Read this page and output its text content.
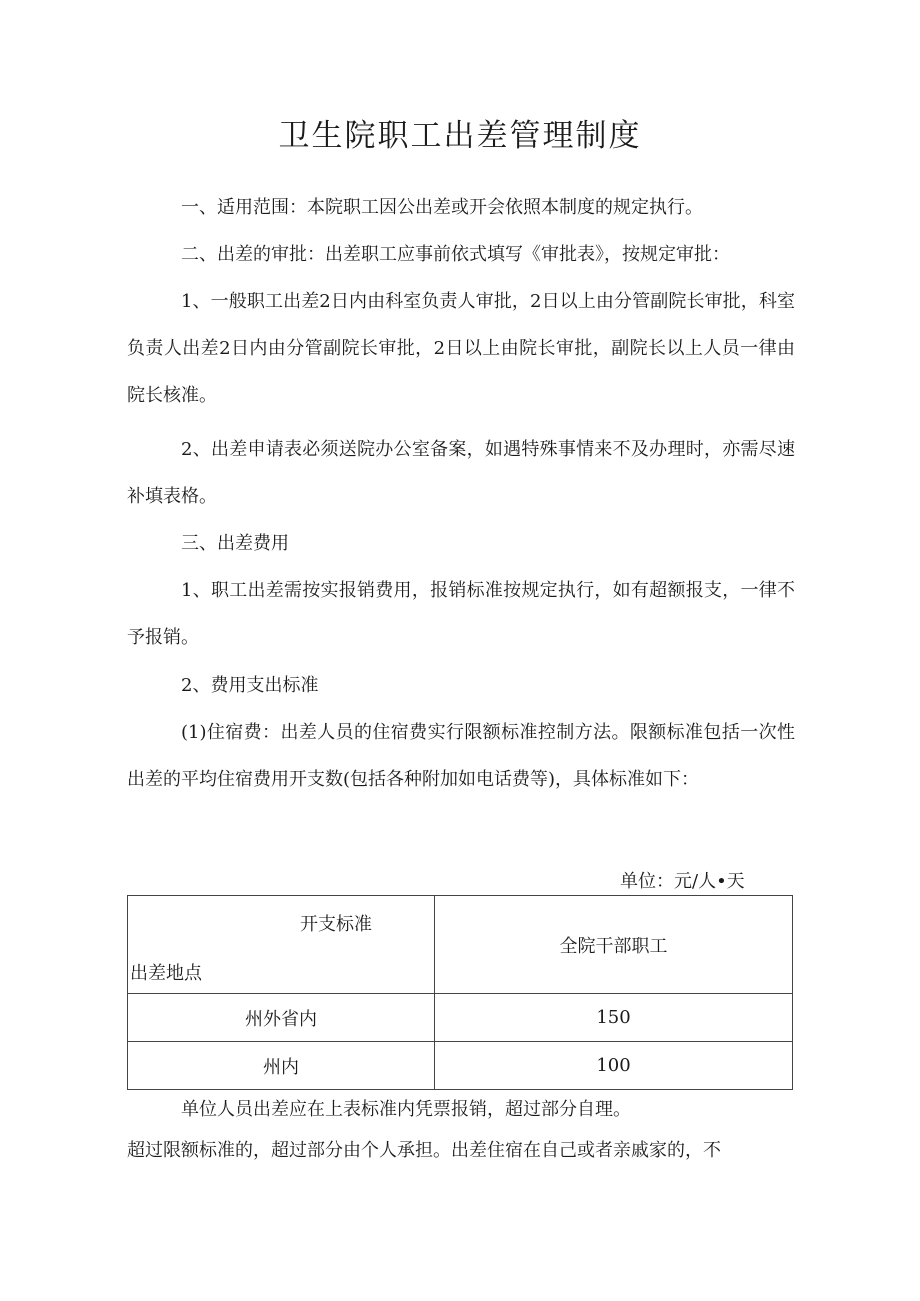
卫生院职工出差管理制度

一、适用范围：本院职工因公出差或开会依照本制度的规定执行。

二、出差的审批：出差职工应事前依式填写《审批表》，按规定审批：

1、一般职工出差2日内由科室负责人审批，2日以上由分管副院长审批，科室负责人出差2日内由分管副院长审批，2日以上由院长审批，副院长以上人员一律由院长核准。

2、出差申请表必须送院办公室备案，如遇特殊事情来不及办理时，亦需尽速补填表格。

三、出差费用

1、职工出差需按实报销费用，报销标准按规定执行，如有超额报支，一律不予报销。

2、费用支出标准

(1)住宿费：出差人员的住宿费实行限额标准控制方法。限额标准包括一次性出差的平均住宿费用开支数(包括各种附加如电话费等)，具体标准如下：

单位：元/人•天

开支标准
出差地点	全院干部职工
州外省内	150
州内	100

单位人员出差应在上表标准内凭票报销，超过部分自理。

超过限额标准的，超过部分由个人承担。出差住宿在自己或者亲戚家的，不
